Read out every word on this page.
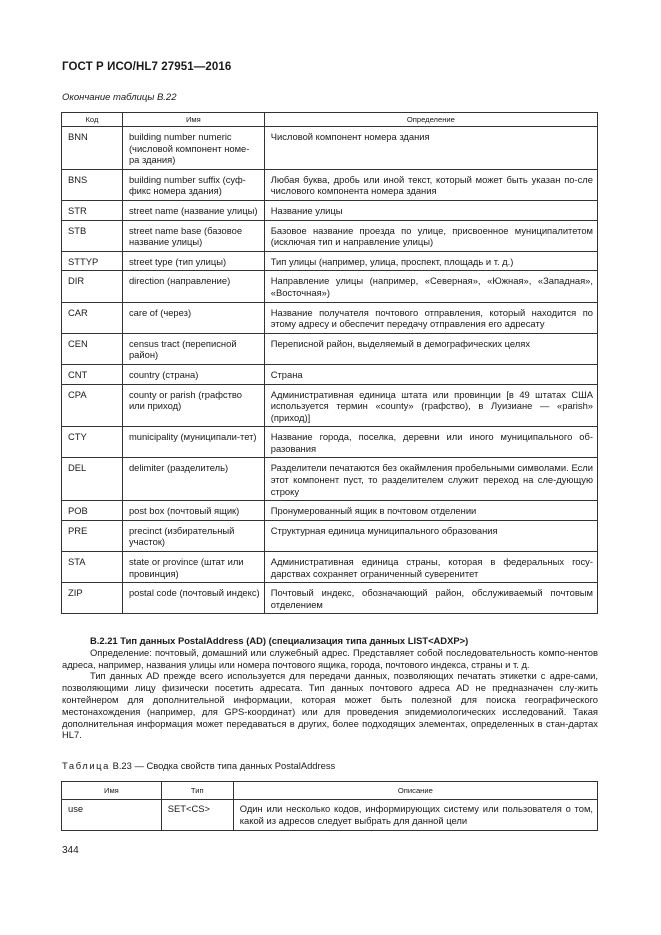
ГОСТ Р ИСО/HL7 27951—2016
Окончание таблицы В.22
Код	Имя	Определение
BNN	building number numeric (числовой компонент номе-ра здания)	Числовой компонент номера здания
BNS	building number suffix (суф-фикс номера здания)	Любая буква, дробь или иной текст, который может быть указан по-сле числового компонента номера здания
STR	street name (название улицы)	Название улицы
STB	street name base (базовое название улицы)	Базовое название проезда по улице, присвоенное муниципалитетом (исключая тип и направление улицы)
STTYP	street type (тип улицы)	Тип улицы (например, улица, проспект, площадь и т. д.)
DIR	direction (направление)	Направление улицы (например, «Северная», «Южная», «Западная», «Восточная»)
CAR	care of (через)	Название получателя почтового отправления, который находится по этому адресу и обеспечит передачу отправления его адресату
CEN	census tract (переписной район)	Переписной район, выделяемый в демографических целях
CNT	country (страна)	Страна
CPA	county or parish (графство или приход)	Административная единица штата или провинции [в 49 штатах США используется термин «county» (графство), в Луизиане — «parish» (приход)]
CTY	municipality (муниципали-тет)	Название города, поселка, деревни или иного муниципального об-разования
DEL	delimiter (разделитель)	Разделители печатаются без окаймления пробельными символами. Если этот компонент пуст, то разделителем служит переход на сле-дующую строку
POB	post box (почтовый ящик)	Пронумерованный ящик в почтовом отделении
PRE	precinct (избирательный участок)	Структурная единица муниципального образования
STA	state or province (штат или провинция)	Административная единица страны, которая в федеральных госу-дарствах сохраняет ограниченный суверенитет
ZIP	postal code (почтовый индекс)	Почтовый индекс, обозначающий район, обслуживаемый почтовым отделением

В.2.21 Тип данных PostalAddress (AD) (специализация типа данных LIST<ADXP>)

Определение: почтовый, домашний или служебный адрес. Представляет собой последовательность компо-нентов адреса, например, названия улицы или номера почтового ящика, города, почтового индекса, страны и т. д.

Тип данных AD прежде всего используется для передачи данных, позволяющих печатать этикетки с адре-сами, позволяющими лицу физически посетить адресата. Тип данных почтового адреса AD не предназначен слу-жить контейнером для дополнительной информации, которая может быть полезной для поиска географического местонахождения (например, для GPS-координат) или для проведения эпидемиологических исследований. Такая дополнительная информация может передаваться в других, более подходящих элементах, определенных в стан-дартах HL7.

Таблица В.23 — Сводка свойств типа данных PostalAddress
Имя	Тип	Описание
use	SET<CS>	Один или несколько кодов, информирующих систему или пользователя о том, какой из адресов следует выбрать для данной цели
344
